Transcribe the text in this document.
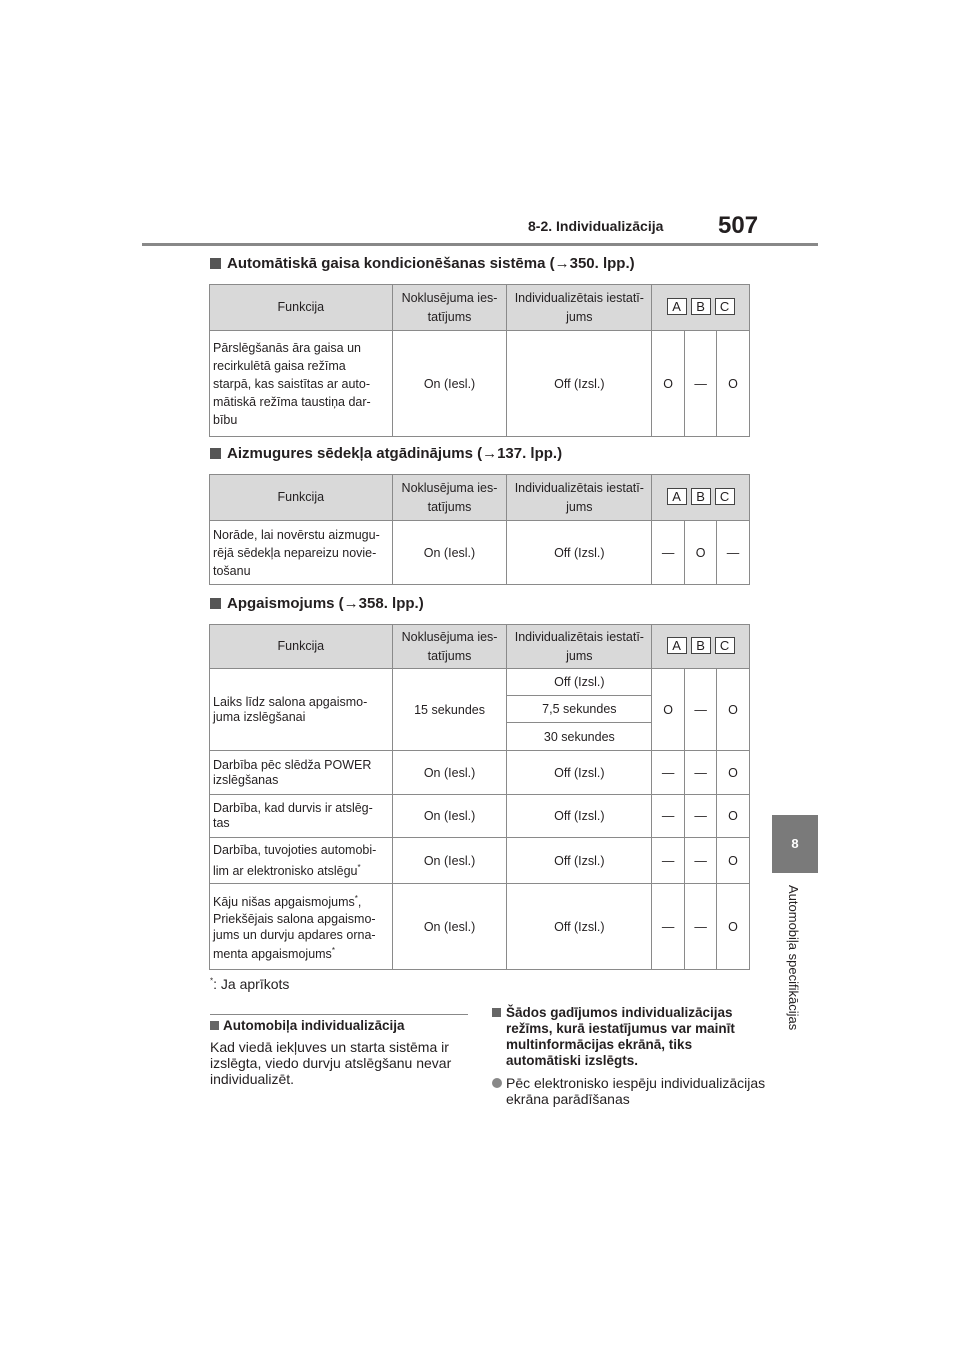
8-2. Individualizācija 507
8
Automobiļa specifikācijas
Automātiskā gaisa kondicionēšanas sistēma (→350. lpp.)
Funkcija	Noklusējuma ies-
tatījums	Individualizētais iestatī-
jums	A B C		
Pārslēgšanās āra gaisa un
recirkulētā gaisa režīma
starpā, kas saistītas ar auto-
mātiskā režīma taustiņa dar-
bību	On (Iesl.)	Off (Izsl.)	O	—	O
Aizmugures sēdekļa atgādinājums (→137. lpp.)
Funkcija	Noklusējuma ies-
tatījums	Individualizētais iestatī-
jums	A B C		
Norāde, lai novērstu aizmugu-
rējā sēdekļa nepareizu novie-
tošanu	On (Iesl.)	Off (Izsl.)	—	O	—
Apgaismojums (→358. lpp.)
Funkcija	Noklusējuma ies-
tatījums	Individualizētais iestatī-
jums	A B C		
Laiks līdz salona apgaismo-
juma izslēgšanai	15 sekundes	Off (Izsl.)	O	—	O
		7,5 sekundes			
		30 sekundes			
Darbība pēc slēdža POWER
izslēgšanas	On (Iesl.)	Off (Izsl.)	—	—	O
Darbība, kad durvis ir atslēg-
tas	On (Iesl.)	Off (Izsl.)	—	—	O
Darbība, tuvojoties automobi-
lim ar elektronisko atslēgu*	On (Iesl.)	Off (Izsl.)	—	—	O
Kāju nišas apgaismojums*,
Priekšējais salona apgaismo-
jums un durvju apdares orna-
menta apgaismojums*	On (Iesl.)	Off (Izsl.)	—	—	O
*: Ja aprīkots
Automobiļa individualizācija
Kad viedā iekļuves un starta sistēma ir izslēgta, viedo durvju atslēgšanu nevar individualizēt.
Šādos gadījumos individualizācijas režīms, kurā iestatījumus var mainīt multinformācijas ekrānā, tiks automātiski izslēgts.
Pēc elektronisko iespēju individualizācijas ekrāna parādīšanas
